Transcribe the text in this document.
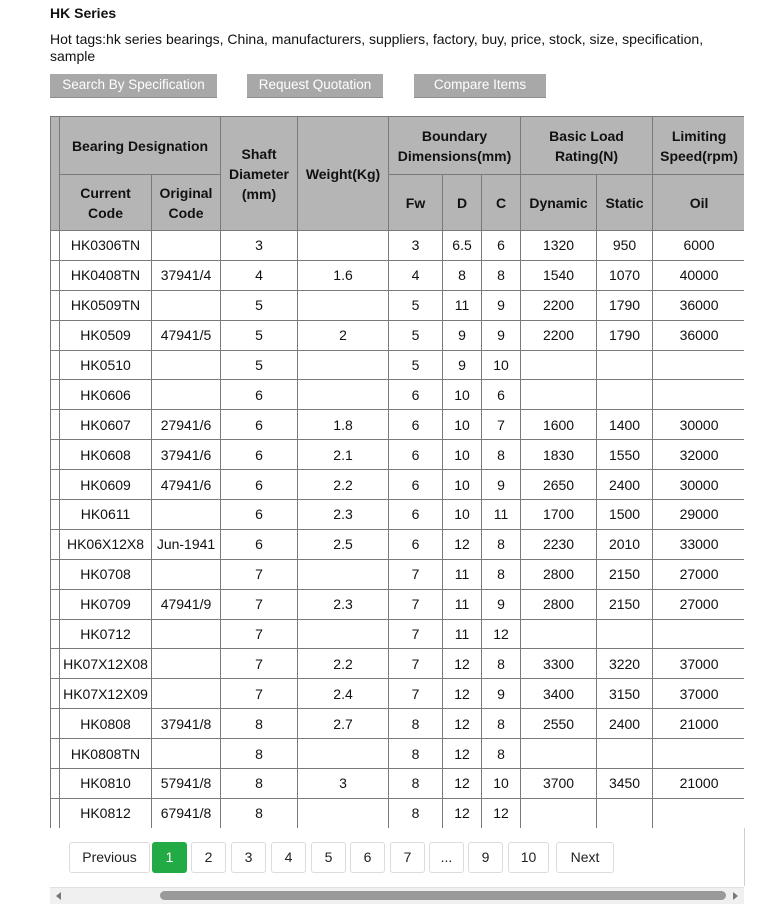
HK Series
Hot tags:hk series bearings, China, manufacturers, suppliers, factory, buy, price, stock, size, specification, sample
Search By Specification	Request Quotation	Compare Items
	Bearing Designation		Shaft Diameter (mm)	Weight(Kg)	Boundary Dimensions(mm)			Basic Load Rating(N)		Limiting Speed(rpm)
	Current Code	Original Code			Fw	D	C	Dynamic	Static	Oil
	HK0306TN		3		3	6.5	6	1320	950	6000
	HK0408TN	37941/4	4	1.6	4	8	8	1540	1070	40000
	HK0509TN		5		5	11	9	2200	1790	36000
	HK0509	47941/5	5	2	5	9	9	2200	1790	36000
	HK0510		5		5	9	10			
	HK0606		6		6	10	6			
	HK0607	27941/6	6	1.8	6	10	7	1600	1400	30000
	HK0608	37941/6	6	2.1	6	10	8	1830	1550	32000
	HK0609	47941/6	6	2.2	6	10	9	2650	2400	30000
	HK0611		6	2.3	6	10	11	1700	1500	29000
	HK06X12X8	Jun-1941	6	2.5	6	12	8	2230	2010	33000
	HK0708		7		7	11	8	2800	2150	27000
	HK0709	47941/9	7	2.3	7	11	9	2800	2150	27000
	HK0712		7		7	11	12			
	HK07X12X08		7	2.2	7	12	8	3300	3220	37000
	HK07X12X09		7	2.4	7	12	9	3400	3150	37000
	HK0808	37941/8	8	2.7	8	12	8	2550	2400	21000
	HK0808TN		8		8	12	8			
	HK0810	57941/8	8	3	8	12	10	3700	3450	21000
	HK0812	67941/8	8		8	12	12			
Previous	1	2	3	4	5	6	7	...	9	10	Next
